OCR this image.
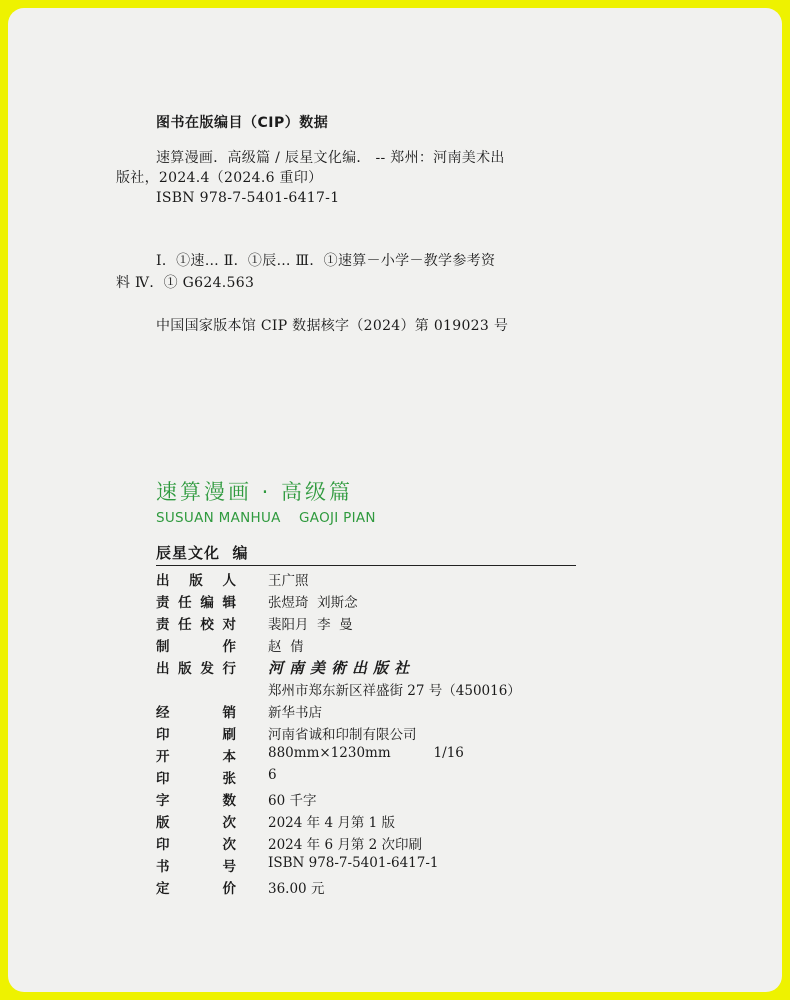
图书在版编目（CIP）数据
速算漫画．高级篇 / 辰星文化编． -- 郑州：河南美术出
版社，2024.4（2024.6 重印）
ISBN 978-7-5401-6417-1
Ⅰ．①速… Ⅱ．①辰… Ⅲ．①速算－小学－教学参考资
料 Ⅳ．① G624.563
中国国家版本馆 CIP 数据核字（2024）第 019023 号
速算漫画 · 高级篇
SUSUAN MANHUA    GAOJI PIAN
辰星文化  编
出 版 人 王广照
责 任 编 辑 张煜琦  刘斯念
责 任 校 对 裴阳月  李  曼
制	作 赵  倩
出 版 发 行 河南美術出版社
郑州市郑东新区祥盛街 27 号（450016）
经	销 新华书店
印	刷 河南省诚和印制有限公司
开	本 880mm×1230mm          1/16
印	张 6
字	数 60 千字
版	次 2024 年 4 月第 1 版
印	次 2024 年 6 月第 2 次印刷
书	号 ISBN 978-7-5401-6417-1
定	价 36.00 元
